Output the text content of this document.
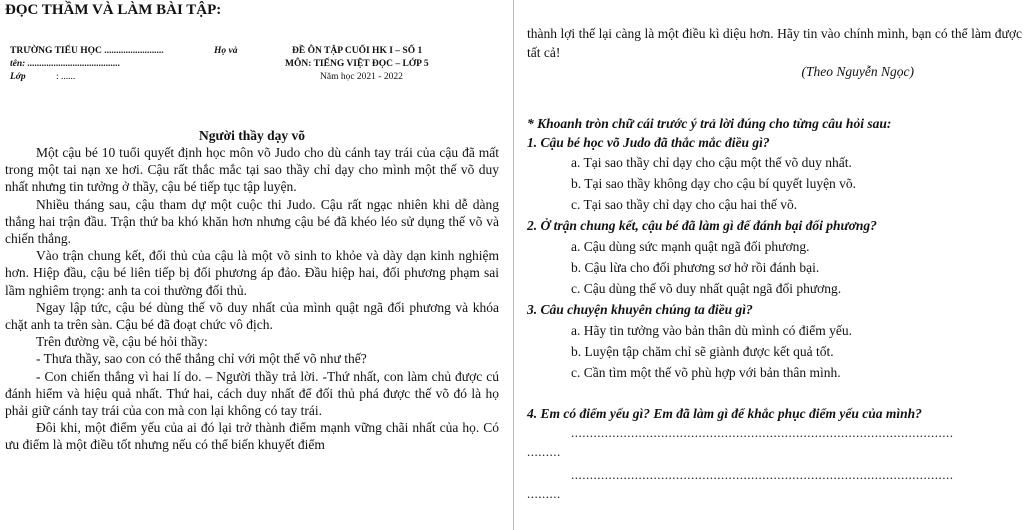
ĐỌC THẦM VÀ LÀM BÀI TẬP:
TRƯỜNG TIỂU HỌC .........................	Họ và
tên: .......................................
Lớp	: ......
ĐỀ ÔN TẬP CUỐI HK I – SỐ 1
MÔN: TIẾNG VIỆT ĐỌC – LỚP 5
Năm học 2021 - 2022
Người thầy dạy võ

Một cậu bé 10 tuổi quyết định học môn võ Judo cho dù cánh tay trái của cậu đã mất trong một tai nạn xe hơi. Cậu rất thắc mắc tại sao thầy chỉ dạy cho mình một thế võ duy nhất nhưng tin tưởng ở thầy, cậu bé tiếp tục tập luyện.

Nhiều tháng sau, cậu tham dự một cuộc thi Judo. Cậu rất ngạc nhiên khi dễ dàng thắng hai trận đầu. Trận thứ ba khó khăn hơn nhưng cậu bé đã khéo léo sử dụng thế võ và chiến thắng.

Vào trận chung kết, đối thủ của cậu là một võ sinh to khỏe và dày dạn kinh nghiệm hơn. Hiệp đầu, cậu bé liên tiếp bị đối phương áp đảo. Đầu hiệp hai, đối phương phạm sai lầm nghiêm trọng: anh ta coi thường đối thủ.

Ngay lập tức, cậu bé dùng thế võ duy nhất của mình quật ngã đối phương và khóa chặt anh ta trên sàn. Cậu bé đã đoạt chức vô địch.

Trên đường về, cậu bé hỏi thầy:

- Thưa thầy, sao con có thể thắng chỉ với một thế võ như thế?

- Con chiến thắng vì hai lí do. – Người thầy trả lời. -Thứ nhất, con làm chủ được cú đánh hiểm và hiệu quả nhất. Thứ hai, cách duy nhất để đối thủ phá được thế võ đó là họ phải giữ cánh tay trái của con mà con lại không có tay trái.

Đôi khi, một điểm yếu của ai đó lại trở thành điểm mạnh vững chãi nhất của họ. Có ưu điểm là một điều tốt nhưng nếu có thể biến khuyết điểm

thành lợi thế lại càng là một điều kì diệu hơn. Hãy tin vào chính mình, bạn có thể làm được tất cả!
(Theo Nguyễn Ngọc)
* Khoanh tròn chữ cái trước ý trả lời đúng cho từng câu hỏi sau:
1. Cậu bé học võ Judo đã thắc mắc điều gì?
a. Tại sao thầy chỉ dạy cho cậu một thế võ duy nhất.
b. Tại sao thầy không dạy cho cậu bí quyết luyện võ.
c. Tại sao thầy chỉ dạy cho cậu hai thế võ.
2. Ở trận chung kết, cậu bé đã làm gì để đánh bại đối phương?
a. Cậu dùng sức mạnh quật ngã đối phương.
b. Cậu lừa cho đối phương sơ hở rồi đánh bại.
c. Cậu dùng thế võ duy nhất quật ngã đối phương.
3. Câu chuyện khuyên chúng ta điều gì?
a. Hãy tin tưởng vào bản thân dù mình có điểm yếu.
b. Luyện tập chăm chỉ sẽ giành được kết quả tốt.
c. Cần tìm một thế võ phù hợp với bản thân mình.
4. Em có điểm yếu gì? Em đã làm gì để khắc phục điểm yếu của mình?
......................................................................................................
.........
......................................................................................................
.........
